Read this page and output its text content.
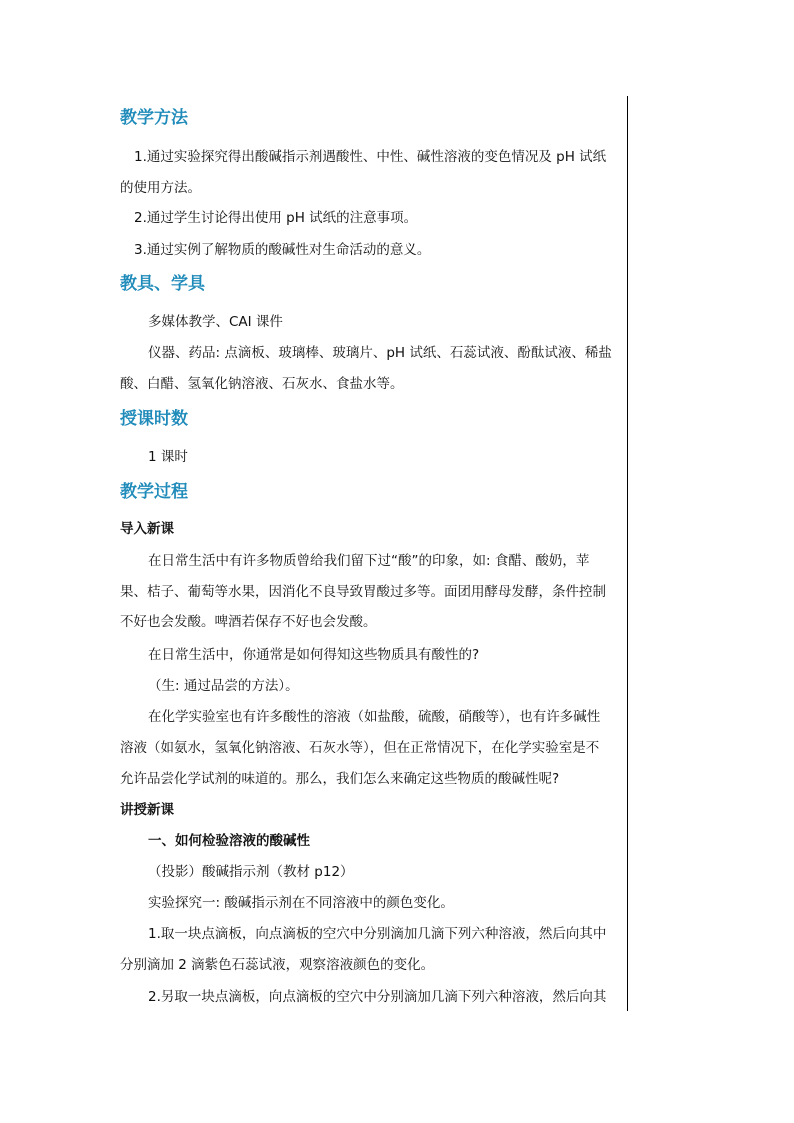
教学方法
1.通过实验探究得出酸碱指示剂遇酸性、中性、碱性溶液的变色情况及 pH 试纸
的使用方法。
2.通过学生讨论得出使用 pH 试纸的注意事项。
3.通过实例了解物质的酸碱性对生命活动的意义。
教具、学具
多媒体教学、CAI 课件
仪器、药品: 点滴板、玻璃棒、玻璃片、pH 试纸、石蕊试液、酚酞试液、稀盐
酸、白醋、氢氧化钠溶液、石灰水、食盐水等。
授课时数
1 课时
教学过程
导入新课
在日常生活中有许多物质曾给我们留下过“酸”的印象，如: 食醋、酸奶，苹
果、桔子、葡萄等水果，因消化不良导致胃酸过多等。面团用酵母发酵，条件控制
不好也会发酸。啤酒若保存不好也会发酸。
在日常生活中，你通常是如何得知这些物质具有酸性的?
（生: 通过品尝的方法）。
在化学实验室也有许多酸性的溶液（如盐酸，硫酸，硝酸等），也有许多碱性
溶液（如氨水，氢氧化钠溶液、石灰水等），但在正常情况下，在化学实验室是不
允许品尝化学试剂的味道的。那么，我们怎么来确定这些物质的酸碱性呢?
讲授新课
一、如何检验溶液的酸碱性
（投影）酸碱指示剂（教材 p12）
实验探究一: 酸碱指示剂在不同溶液中的颜色变化。
1.取一块点滴板，向点滴板的空穴中分别滴加几滴下列六种溶液，然后向其中
分别滴加 2 滴紫色石蕊试液，观察溶液颜色的变化。
2.另取一块点滴板，向点滴板的空穴中分别滴加几滴下列六种溶液，然后向其
